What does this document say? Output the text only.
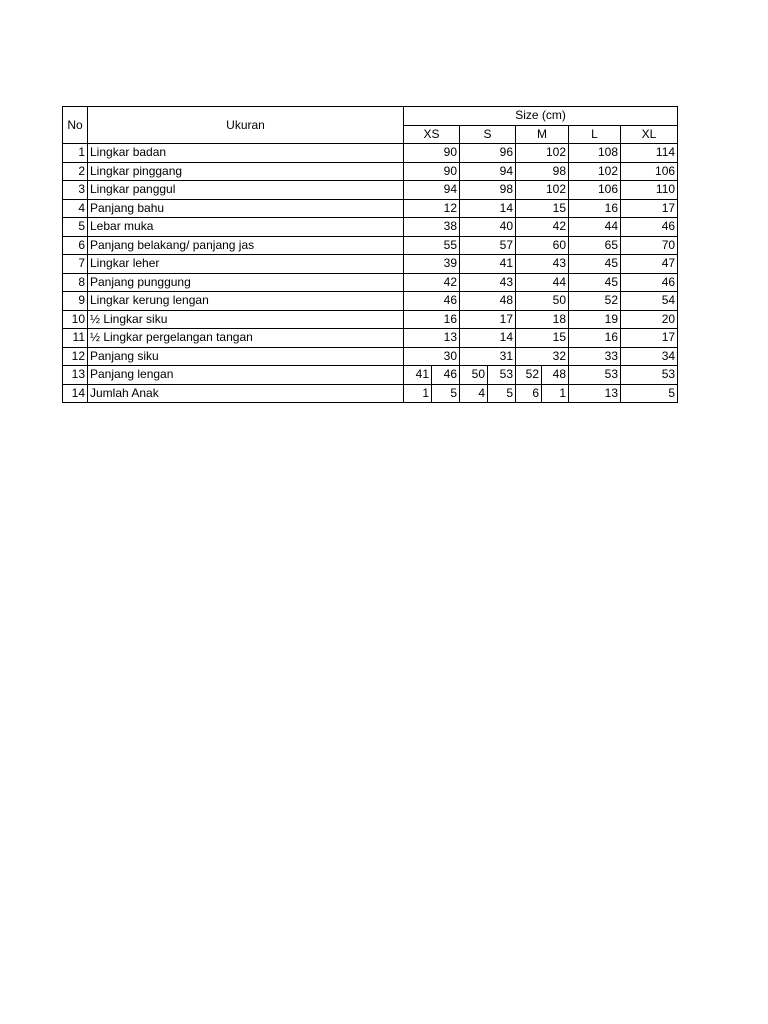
No	Ukuran	Size (cm)							
		XS		S		M		L	XL
1	Lingkar badan	90		96		102		108	114
2	Lingkar pinggang	90		94		98		102	106
3	Lingkar panggul	94		98		102		106	110
4	Panjang bahu	12		14		15		16	17
5	Lebar muka	38		40		42		44	46
6	Panjang belakang/ panjang jas	55		57		60		65	70
7	Lingkar leher	39		41		43		45	47
8	Panjang punggung	42		43		44		45	46
9	Lingkar kerung lengan	46		48		50		52	54
10	½ Lingkar siku	16		17		18		19	20
11	½ Lingkar pergelangan tangan	13		14		15		16	17
12	Panjang siku	30		31		32		33	34
13	Panjang lengan	41	46	50	53	52	48	53	53
14	Jumlah Anak	1	5	4	5	6	1	13	5
